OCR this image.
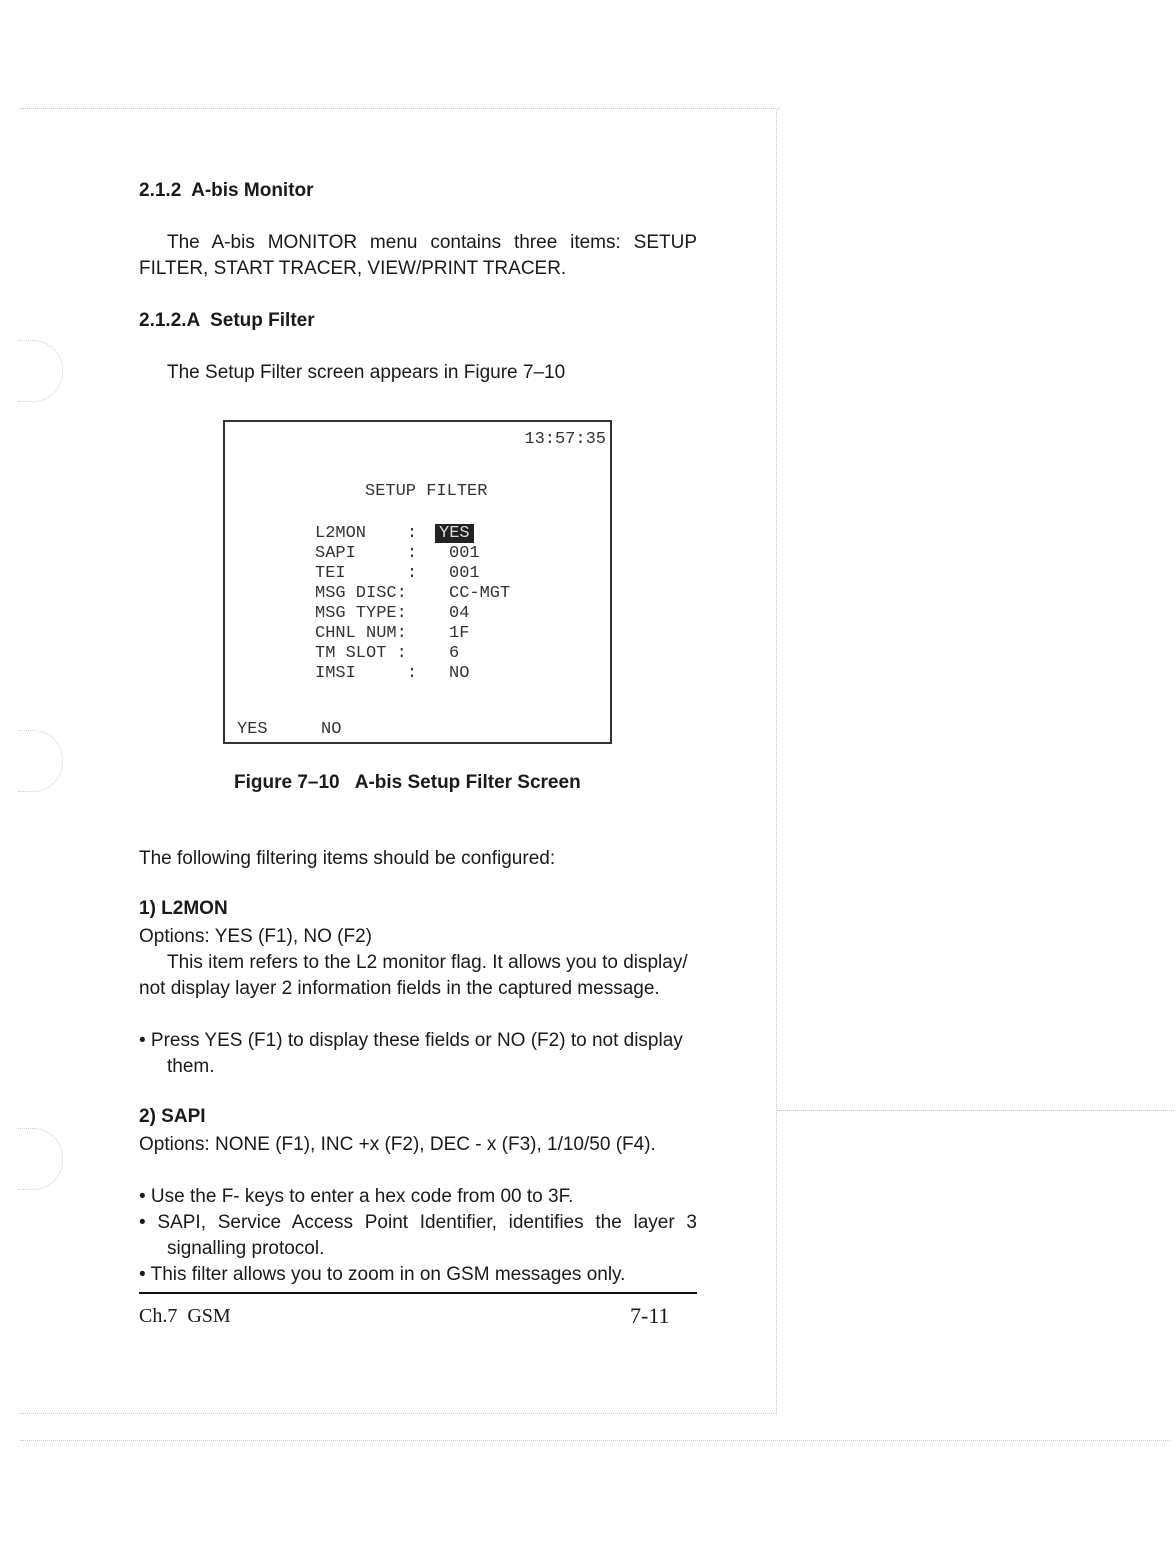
2.1.2  A-bis Monitor
The A-bis MONITOR menu contains three items: SETUP
FILTER, START TRACER, VIEW/PRINT TRACER.
2.1.2.A  Setup Filter
The Setup Filter screen appears in Figure 7–10
13:57:35
SETUP FILTER
L2MON    : YES
SAPI     : 001
TEI      : 001
MSG DISC: CC-MGT
MSG TYPE: 04
CHNL NUM: 1F
TM SLOT : 6
IMSI     : NO
YES	NO
Figure 7–10   A-bis Setup Filter Screen
The following filtering items should be configured:
1) L2MON
Options: YES (F1), NO (F2)
This item refers to the L2 monitor flag. It allows you to display/
not display layer 2 information fields in the captured message.
• Press YES (F1) to display these fields or NO (F2) to not display
them.
2) SAPI
Options: NONE (F1), INC +x (F2), DEC - x (F3), 1/10/50 (F4).
• Use the F- keys to enter a hex code from 00 to 3F.
• SAPI, Service Access Point Identifier, identifies the layer 3
signalling protocol.
• This filter allows you to zoom in on GSM messages only.
Ch.7  GSM	7-11
